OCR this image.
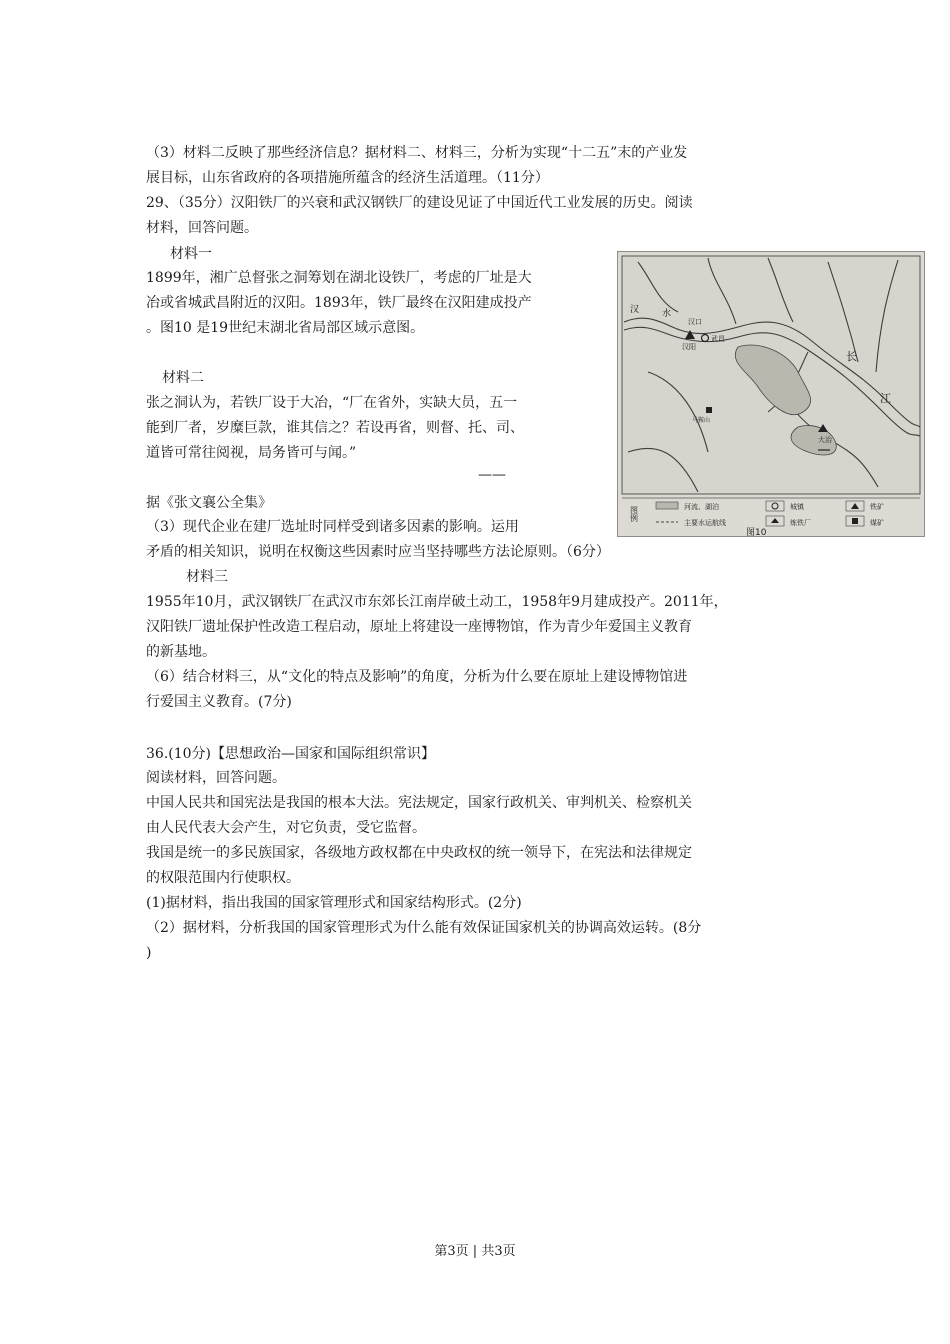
（3）材料二反映了那些经济信息？据材料二、材料三，分析为实现“十二五”末的产业发
展目标，山东省政府的各项措施所蕴含的经济生活道理。（11分）
29、（35分）汉阳铁厂的兴衰和武汉钢铁厂的建设见证了中国近代工业发展的历史。阅读
材料，回答问题。
材料一
1899年，湘广总督张之洞筹划在湖北设铁厂，考虑的厂址是大
冶或省城武昌附近的汉阳。1893年，铁厂最终在汉阳建成投产
。图10 是19世纪末湖北省局部区域示意图。
材料二
张之洞认为，若铁厂设于大冶，“厂在省外，实缺大员，五一
能到厂者，岁糜巨款，谁其信之？若设再省，则督、托、司、
道皆可常往阅视，局务皆可与闻。”
——
据《张文襄公全集》
（3）现代企业在建厂选址时同样受到诸多因素的影响。运用
矛盾的相关知识，说明在权衡这些因素时应当坚持哪些方法论原则。（6分）
材料三
1955年10月，武汉钢铁厂在武汉市东郊长江南岸破土动工，1958年9月建成投产。2011年，
汉阳铁厂遗址保护性改造工程启动，原址上将建设一座博物馆，作为青少年爱国主义教育
的新基地。
（6）结合材料三，从“文化的特点及影响”的角度，分析为什么要在原址上建设博物馆进
行爱国主义教育。(7分)
36.(10分)【思想政治—国家和国际组织常识】
阅读材料，回答问题。
中国人民共和国宪法是我国的根本大法。宪法规定，国家行政机关、审判机关、检察机关
由人民代表大会产生，对它负责，受它监督。
我国是统一的多民族国家，各级地方政权都在中央政权的统一领导下，在宪法和法律规定
的权限范围内行使职权。
(1)据材料，指出我国的国家管理形式和国家结构形式。(2分)
（2）据材料，分析我国的国家管理形式为什么能有效保证国家机关的协调高效运转。(8分
)
汉	水
汉阳
汉口
武昌
长
江
大冶
马鞍山
图例	河流、湖泊
主要水运航线
城镇
炼铁厂
铁矿
煤矿
图10
第3页 | 共3页
